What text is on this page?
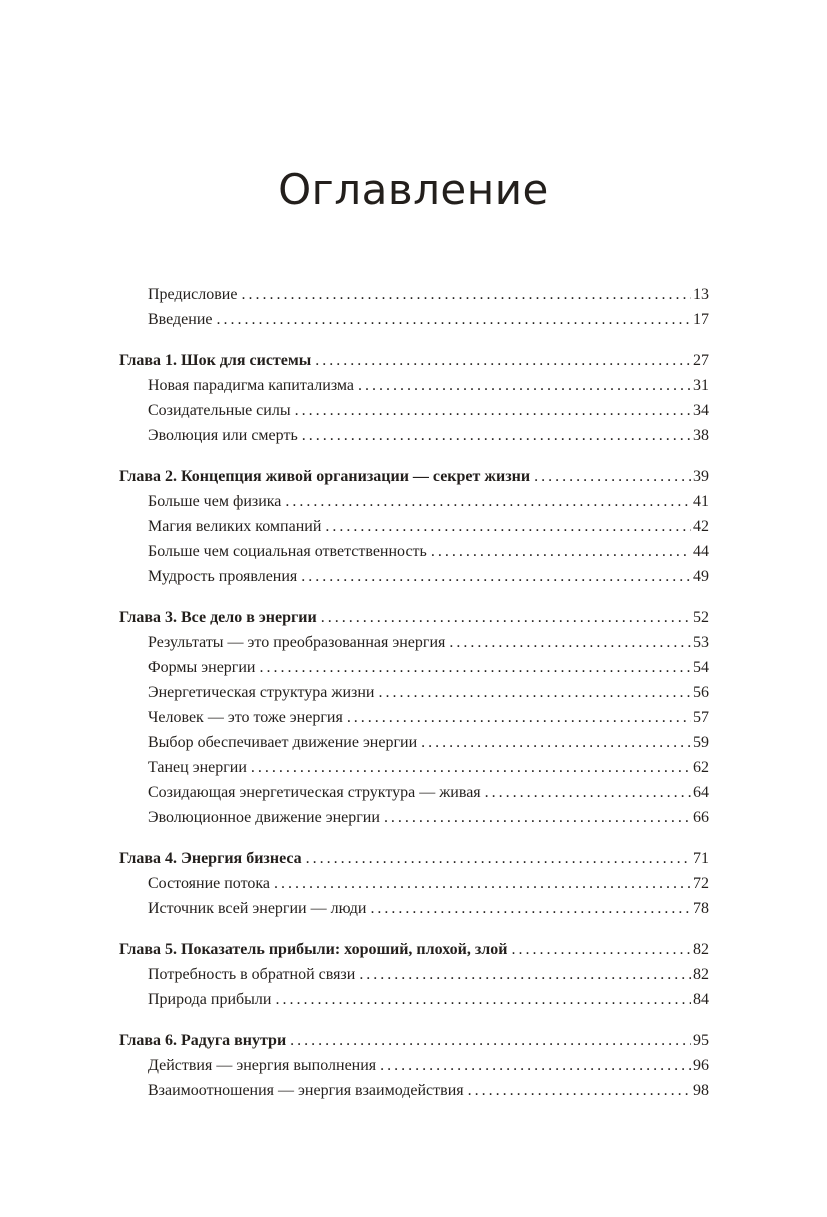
Оглавление
Предисловие . . .	13
Введение . . .	17
Глава 1. Шок для системы . . .	27
Новая парадигма капитализма . . .	31
Созидательные силы . . .	34
Эволюция или смерть . . .	38
Глава 2. Концепция живой организации — секрет жизни . . .	39
Больше чем физика . . .	41
Магия великих компаний . . .	42
Больше чем социальная ответственность . . .	44
Мудрость проявления . . .	49
Глава 3. Все дело в энергии . . .	52
Результаты — это преобразованная энергия . . .	53
Формы энергии . . .	54
Энергетическая структура жизни . . .	56
Человек — это тоже энергия . . .	57
Выбор обеспечивает движение энергии . . .	59
Танец энергии . . .	62
Созидающая энергетическая структура — живая . . .	64
Эволюционное движение энергии . . .	66
Глава 4. Энергия бизнеса . . .	71
Состояние потока . . .	72
Источник всей энергии — люди . . .	78
Глава 5. Показатель прибыли: хороший, плохой, злой . . .	82
Потребность в обратной связи . . .	82
Природа прибыли . . .	84
Глава 6. Радуга внутри . . .	95
Действия — энергия выполнения . . .	96
Взаимоотношения — энергия взаимодействия . . .	98
